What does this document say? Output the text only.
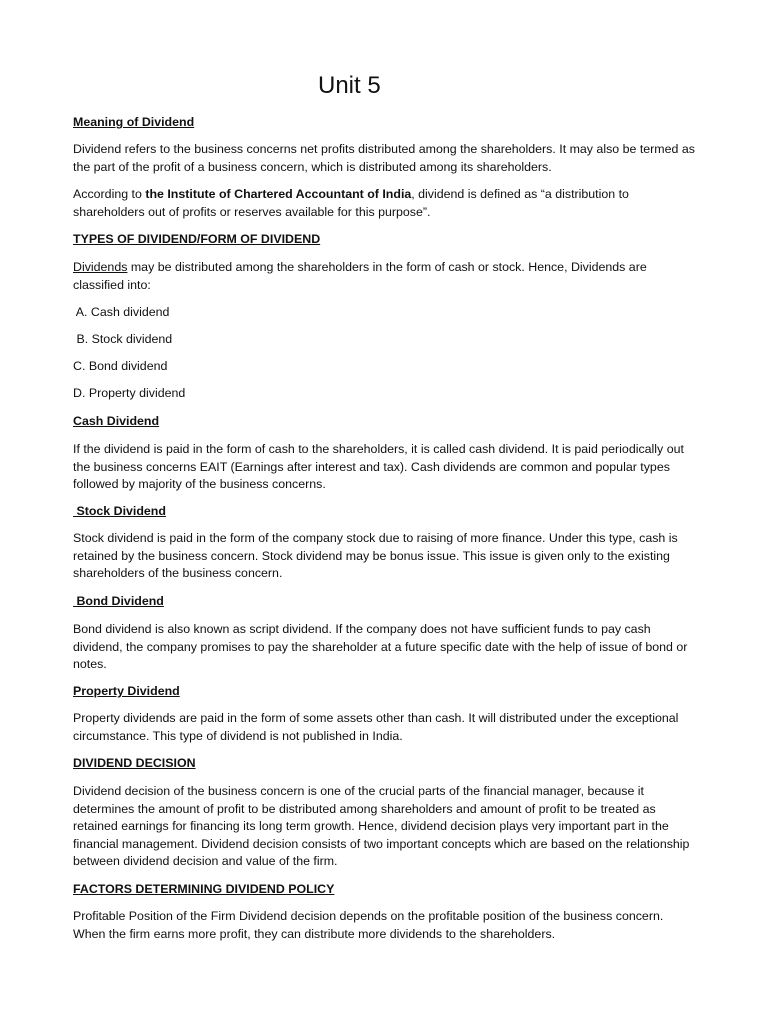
Unit 5

Meaning of Dividend

Dividend refers to the business concerns net profits distributed among the shareholders. It may also be termed as the part of the profit of a business concern, which is distributed among its shareholders.

According to the Institute of Chartered Accountant of India, dividend is defined as “a distribution to shareholders out of profits or reserves available for this purpose”.

TYPES OF DIVIDEND/FORM OF DIVIDEND

Dividends may be distributed among the shareholders in the form of cash or stock. Hence, Dividends are classified into:

A. Cash dividend

B. Stock dividend

C. Bond dividend

D. Property dividend

Cash Dividend

If the dividend is paid in the form of cash to the shareholders, it is called cash dividend. It is paid periodically out the business concerns EAIT (Earnings after interest and tax). Cash dividends are common and popular types followed by majority of the business concerns.

Stock Dividend

Stock dividend is paid in the form of the company stock due to raising of more finance. Under this type, cash is retained by the business concern. Stock dividend may be bonus issue. This issue is given only to the existing shareholders of the business concern.

Bond Dividend

Bond dividend is also known as script dividend. If the company does not have sufficient funds to pay cash dividend, the company promises to pay the shareholder at a future specific date with the help of issue of bond or notes.

Property Dividend

Property dividends are paid in the form of some assets other than cash. It will distributed under the exceptional circumstance. This type of dividend is not published in India.

DIVIDEND DECISION

Dividend decision of the business concern is one of the crucial parts of the financial manager, because it determines the amount of profit to be distributed among shareholders and amount of profit to be treated as retained earnings for financing its long term growth. Hence, dividend decision plays very important part in the financial management. Dividend decision consists of two important concepts which are based on the relationship between dividend decision and value of the firm.

FACTORS DETERMINING DIVIDEND POLICY

Profitable Position of the Firm Dividend decision depends on the profitable position of the business concern. When the firm earns more profit, they can distribute more dividends to the shareholders.
